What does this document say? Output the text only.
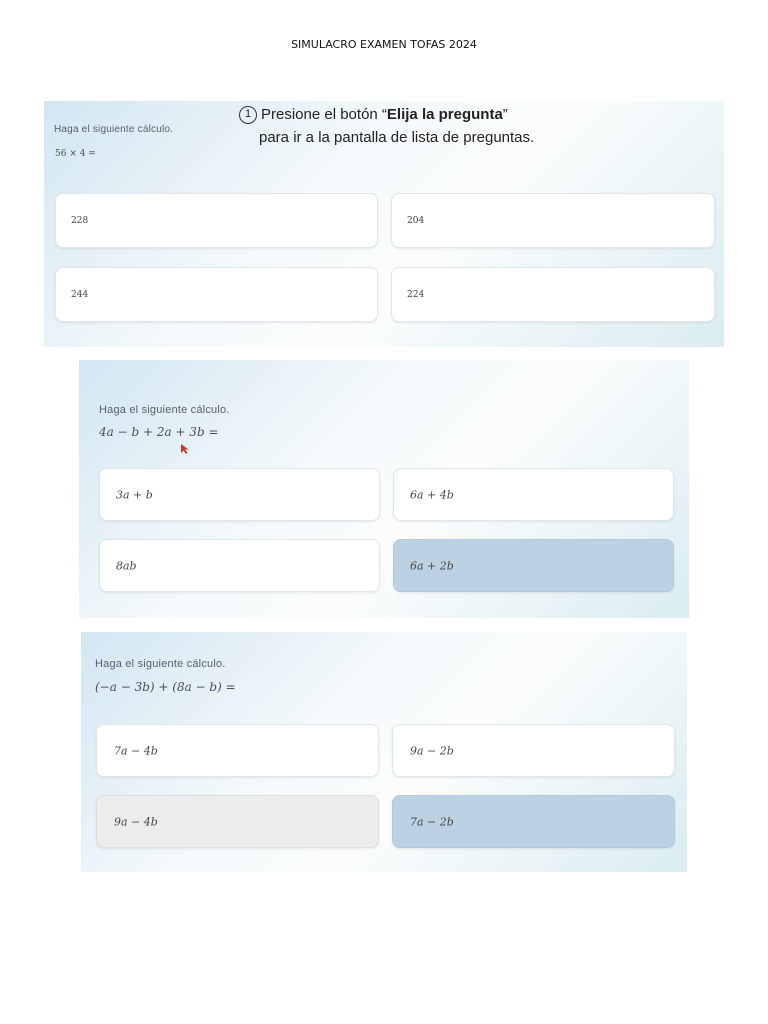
SIMULACRO EXAMEN TOFAS 2024
Haga el siguiente cálculo.
56 × 4 =
1 Presione el botón “Elija la pregunta”
para ir a la pantalla de lista de preguntas.
228	204
244	224
Haga el siguiente cálculo.
4a − b + 2a + 3b =
3a + b	6a + 4b
8ab	6a + 2b
Haga el siguiente cálculo.
(−a − 3b) + (8a − b) =
7a − 4b	9a − 2b
9a − 4b	7a − 2b
